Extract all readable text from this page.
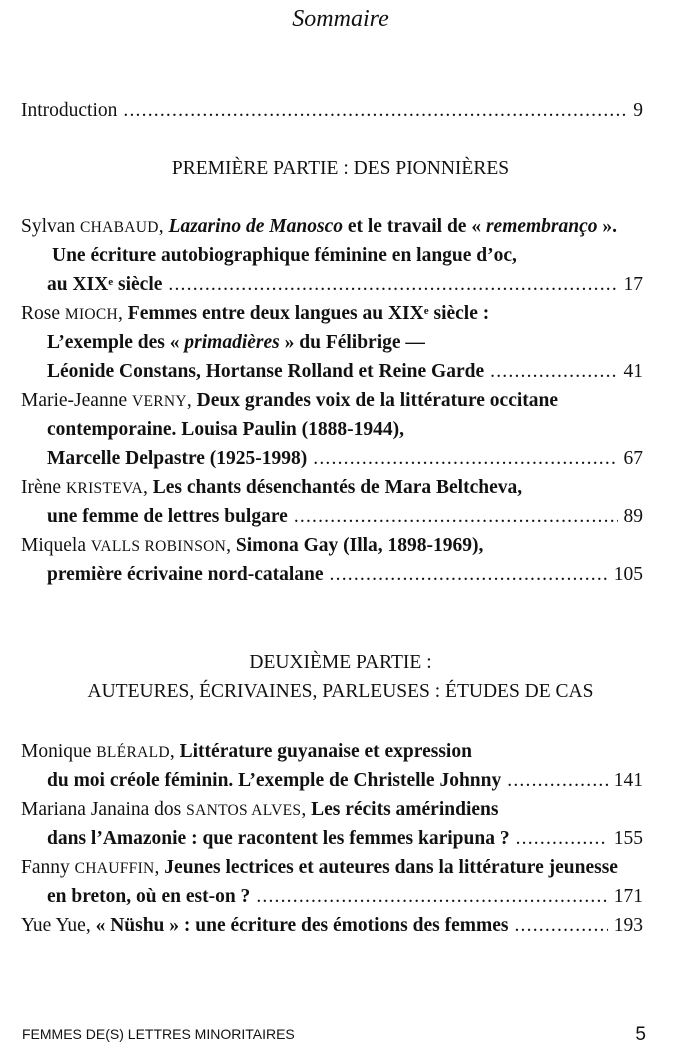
Sommaire
Introduction .....	9
PREMIÈRE PARTIE : DES PIONNIÈRES
Sylvan CHABAUD, Lazarino de Manosco et le travail de « remembranço ».
Une écriture autobiographique féminine en langue d’oc,
au XIXe siècle .....	17
Rose MIOCH, Femmes entre deux langues au XIXe siècle :
L’exemple des « primadières » du Félibrige —
Léonide Constans, Hortanse Rolland et Reine Garde .....	41
Marie-Jeanne VERNY, Deux grandes voix de la littérature occitane
contemporaine. Louisa Paulin (1888-1944),
Marcelle Delpastre (1925-1998) .....	67
Irène KRISTEVA, Les chants désenchantés de Mara Beltcheva,
une femme de lettres bulgare .....	89
Miquela VALLS ROBINSON, Simona Gay (Illa, 1898-1969),
première écrivaine nord-catalane .....	105
DEUXIÈME PARTIE :
AUTEURES, ÉCRIVAINES, PARLEUSES : ÉTUDES DE CAS
Monique BLÉRALD, Littérature guyanaise et expression
du moi créole féminin. L’exemple de Christelle Johnny .....	141
Mariana Janaina dos SANTOS ALVES, Les récits amérindiens
dans l’Amazonie : que racontent les femmes karipuna ? .....	155
Fanny CHAUFFIN, Jeunes lectrices et auteures dans la littérature jeunesse
en breton, où en est-on ? .....	171
Yue Yue, « Nüshu » : une écriture des émotions des femmes .....	193
FEMMES DE(S) LETTRES MINORITAIRES	5
